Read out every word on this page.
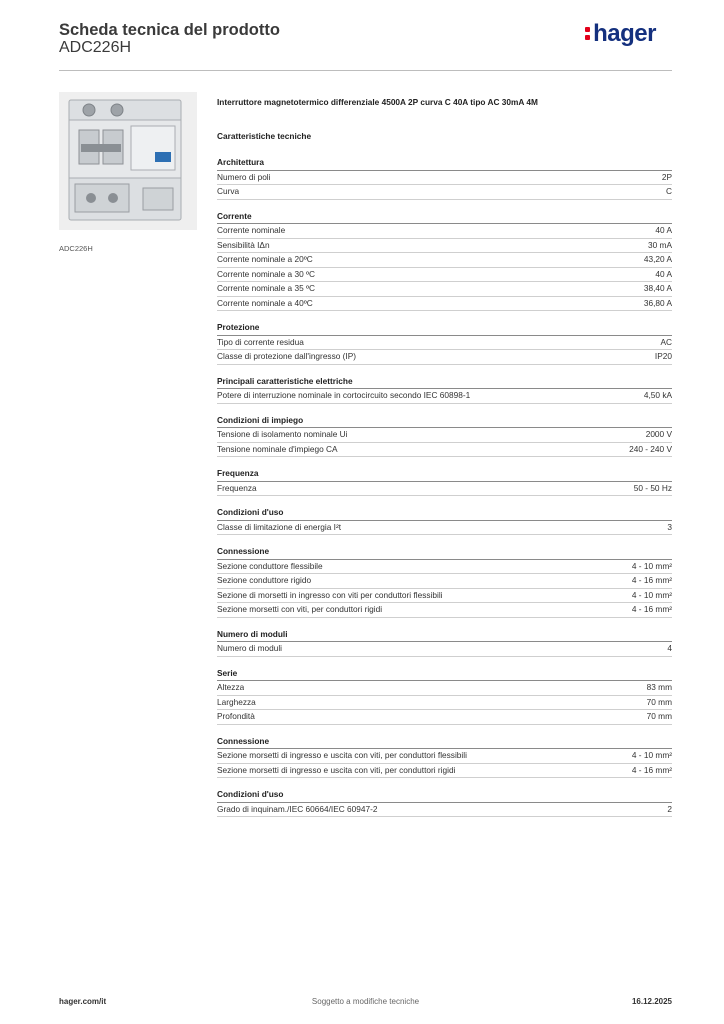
Scheda tecnica del prodotto
ADC226H
hager
ADC226H
Interruttore magnetotermico differenziale 4500A 2P curva C 40A tipo AC 30mA 4M
Caratteristiche tecniche
Architettura
Numero di poli	2P
Curva	C
Corrente
Corrente nominale	40 A
Sensibilità IΔn	30 mA
Corrente nominale a 20ºC	43,20 A
Corrente nominale a 30 ºC	40 A
Corrente nominale a 35 ºC	38,40 A
Corrente nominale a 40ºC	36,80 A
Protezione
Tipo di corrente residua	AC
Classe di protezione dall'ingresso (IP)	IP20
Principali caratteristiche elettriche
Potere di interruzione nominale in cortocircuito secondo IEC 60898-1	4,50 kA
Condizioni di impiego
Tensione di isolamento nominale Ui	2000 V
Tensione nominale d'impiego CA	240 - 240 V
Frequenza
Frequenza	50 - 50 Hz
Condizioni d'uso
Classe di limitazione di energia I²t	3
Connessione
Sezione conduttore flessibile	4 - 10 mm²
Sezione conduttore rigido	4 - 16 mm²
Sezione di morsetti in ingresso con viti per conduttori flessibili	4 - 10 mm²
Sezione morsetti con viti, per conduttori rigidi	4 - 16 mm²
Numero di moduli
Numero di moduli	4
Serie
Altezza	83 mm
Larghezza	70 mm
Profondità	70 mm
Connessione
Sezione morsetti di ingresso e uscita con viti, per conduttori flessibili	4 - 10 mm²
Sezione morsetti di ingresso e uscita con viti, per conduttori rigidi	4 - 16 mm²
Condizioni d'uso
Grado di inquinam./IEC 60664/IEC 60947-2	2
hager.com/it	Soggetto a modifiche tecniche	16.12.2025
